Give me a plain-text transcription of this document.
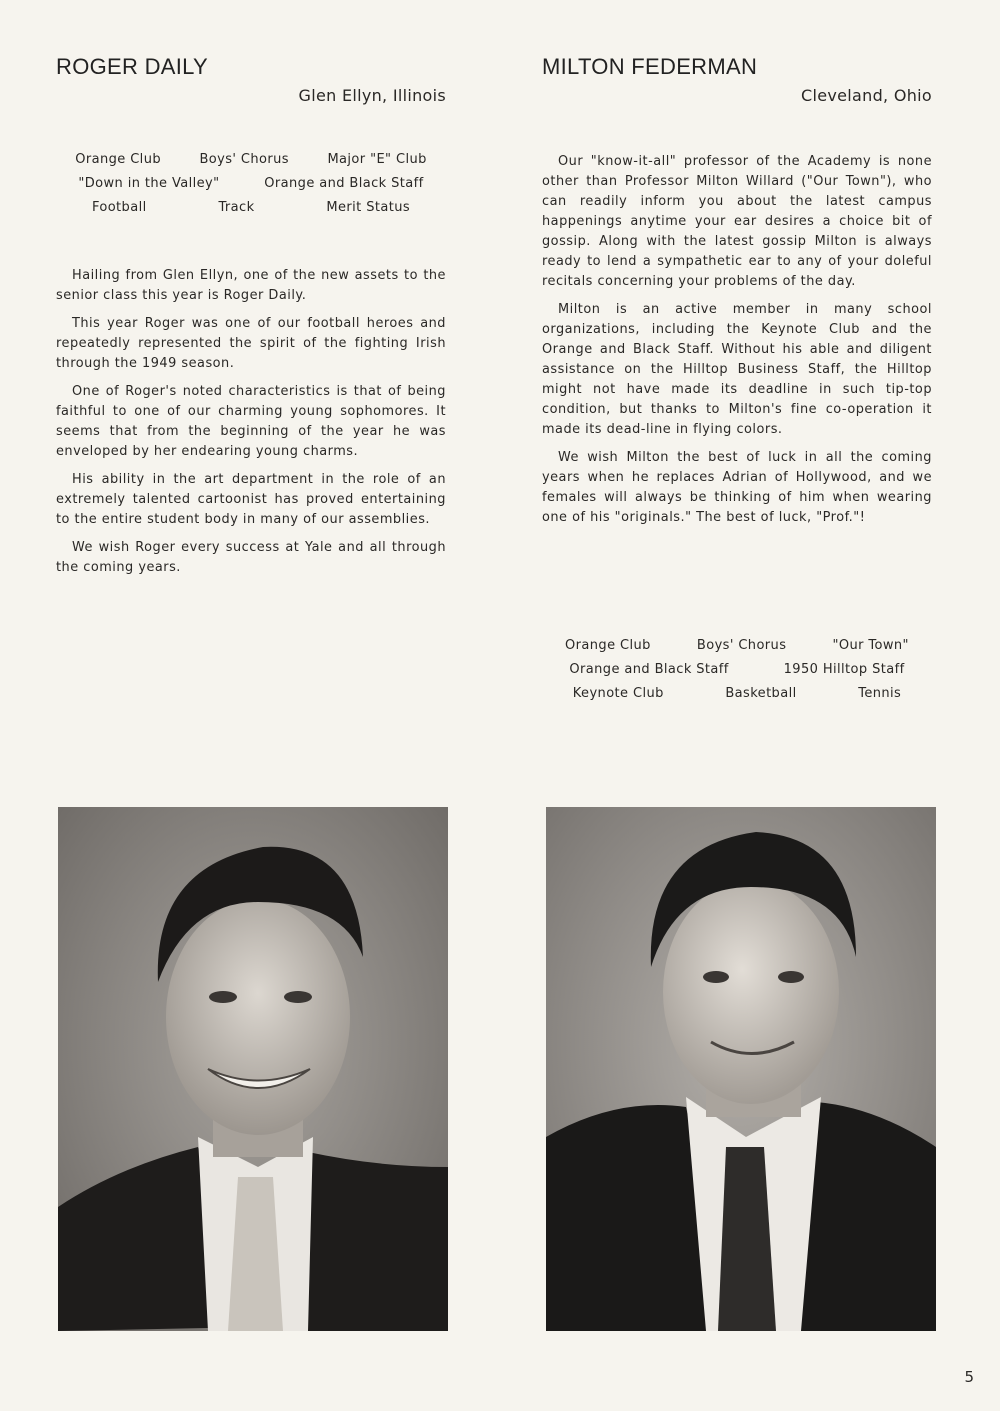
ROGER DAILY
Glen Ellyn, Illinois
Orange Club	Boys' Chorus	Major "E" Club
"Down in the Valley"	Orange and Black Staff
Football	Track	Merit Status

Hailing from Glen Ellyn, one of the new assets to the senior class this year is Roger Daily.

This year Roger was one of our football heroes and repeatedly represented the spirit of the fighting Irish through the 1949 season.

One of Roger's noted characteristics is that of being faithful to one of our charming young sophomores. It seems that from the beginning of the year he was enveloped by her endearing young charms.

His ability in the art department in the role of an extremely talented cartoonist has proved entertaining to the entire student body in many of our assemblies.

We wish Roger every success at Yale and all through the coming years.

MILTON FEDERMAN
Cleveland, Ohio

Our "know-it-all" professor of the Academy is none other than Professor Milton Willard ("Our Town"), who can readily inform you about the latest campus happenings anytime your ear desires a choice bit of gossip. Along with the latest gossip Milton is always ready to lend a sympathetic ear to any of your doleful recitals concerning your problems of the day.

Milton is an active member in many school organizations, including the Keynote Club and the Orange and Black Staff. Without his able and diligent assistance on the Hilltop Business Staff, the Hilltop might not have made its deadline in such tip-top condition, but thanks to Milton's fine co-operation it made its dead-line in flying colors.

We wish Milton the best of luck in all the coming years when he replaces Adrian of Hollywood, and we females will always be thinking of him when wearing one of his "originals." The best of luck, "Prof."!

Orange Club	Boys' Chorus	"Our Town"
Orange and Black Staff	1950 Hilltop Staff
Keynote Club	Basketball	Tennis
5
